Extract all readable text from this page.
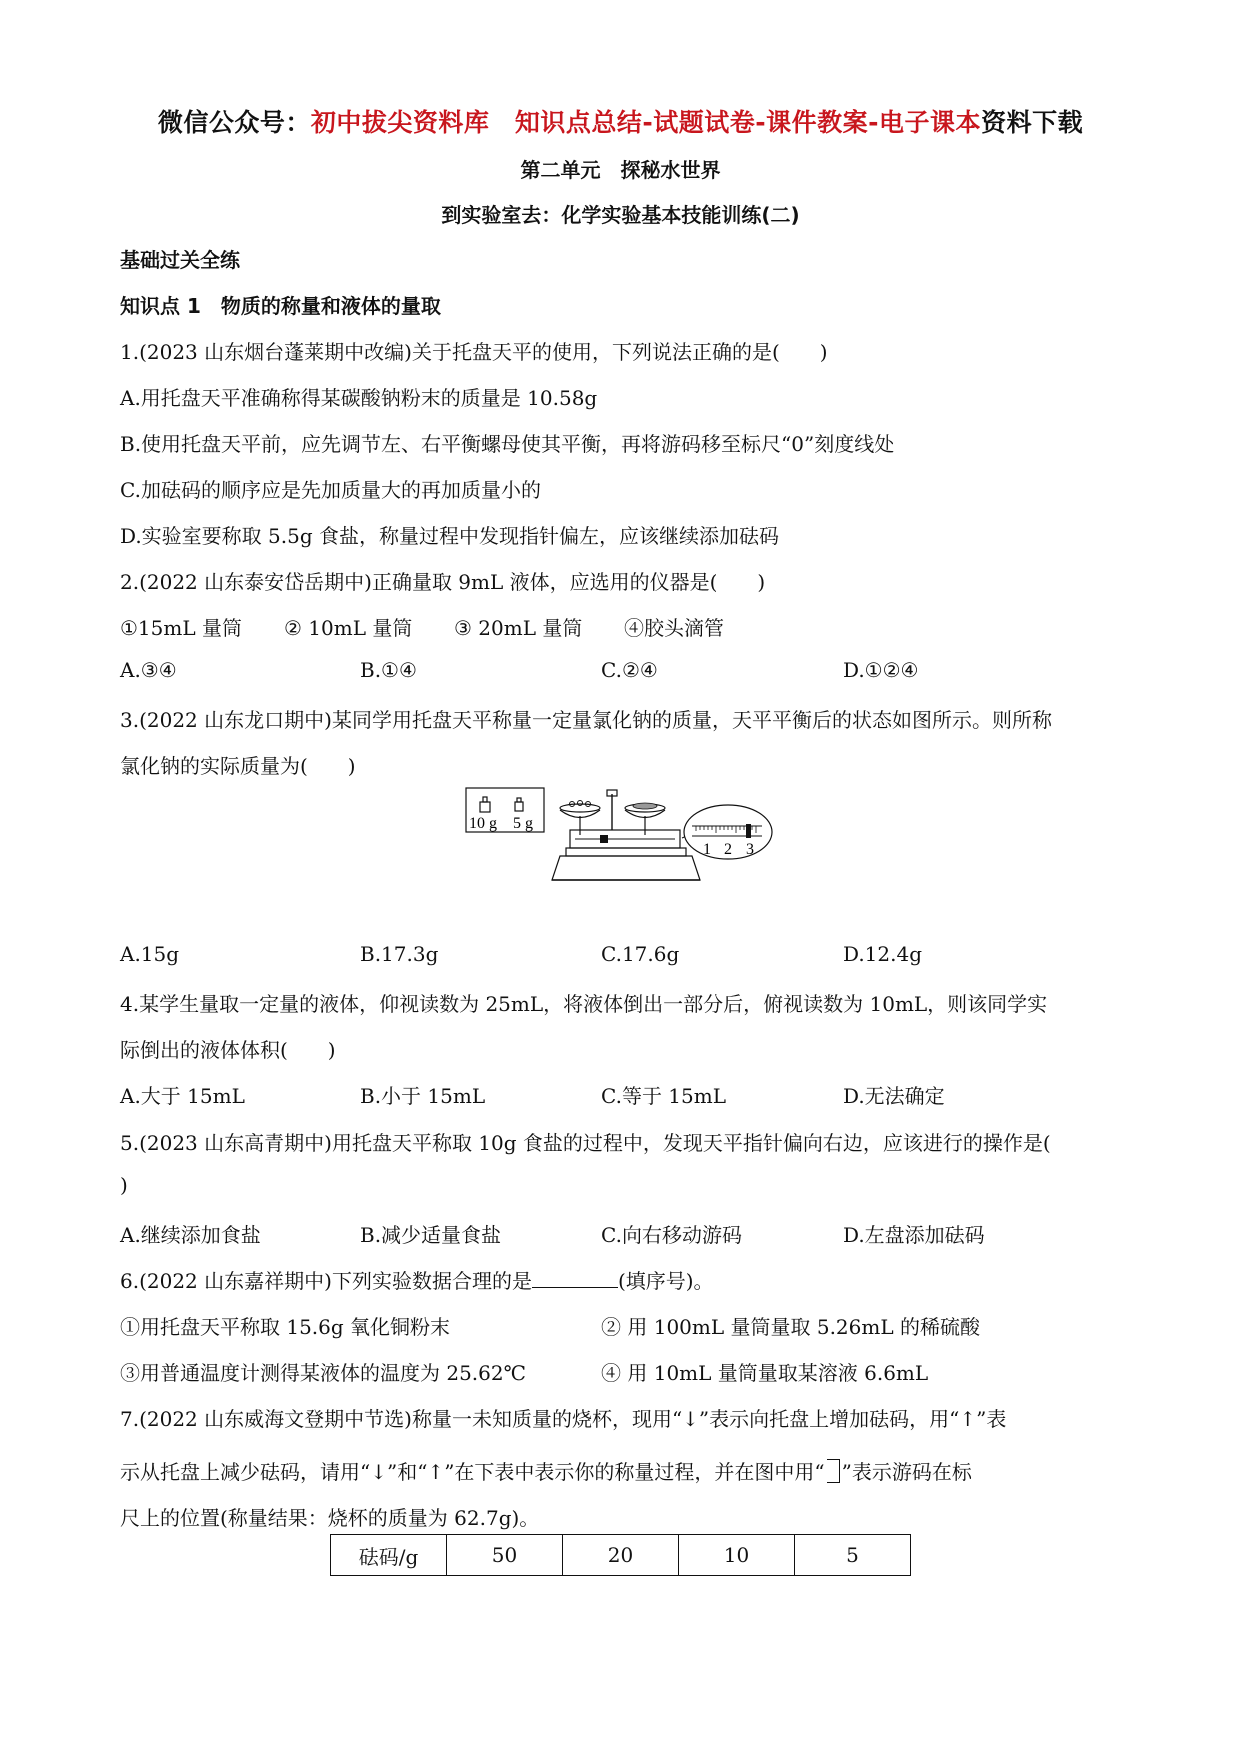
微信公众号：初中拔尖资料库　知识点总结-试题试卷-课件教案-电子课本资料下载
第二单元　探秘水世界
到实验室去：化学实验基本技能训练(二)
基础过关全练
知识点 1　物质的称量和液体的量取
1.(2023 山东烟台蓬莱期中改编)关于托盘天平的使用，下列说法正确的是(　　)
A.用托盘天平准确称得某碳酸钠粉末的质量是 10.58g
B.使用托盘天平前，应先调节左、右平衡螺母使其平衡，再将游码移至标尺“0”刻度线处
C.加砝码的顺序应是先加质量大的再加质量小的
D.实验室要称取 5.5g 食盐，称量过程中发现指针偏左，应该继续添加砝码
2.(2022 山东泰安岱岳期中)正确量取 9mL 液体，应选用的仪器是(　　)
①15mL 量筒 ② 10mL 量筒 ③ 20mL 量筒 ④胶头滴管
A.③④	B.①④	C.②④	D.①②④
3.(2022 山东龙口期中)某同学用托盘天平称量一定量氯化钠的质量，天平平衡后的状态如图所示。则所称
氯化钠的实际质量为(　　)
10 g 5 g
1 2 3
A.15g	B.17.3g	C.17.6g	D.12.4g
4.某学生量取一定量的液体，仰视读数为 25mL，将液体倒出一部分后，俯视读数为 10mL，则该同学实
际倒出的液体体积(　　)
A.大于 15mL	B.小于 15mL	C.等于 15mL	D.无法确定
5.(2023 山东高青期中)用托盘天平称取 10g 食盐的过程中，发现天平指针偏向右边，应该进行的操作是(
)
A.继续添加食盐	B.减少适量食盐	C.向右移动游码	D.左盘添加砝码
6.(2022 山东嘉祥期中)下列实验数据合理的是	(填序号)。
①用托盘天平称取 15.6g 氧化铜粉末	② 用 100mL 量筒量取 5.26mL 的稀硫酸
③用普通温度计测得某液体的温度为 25.62℃	④ 用 10mL 量筒量取某溶液 6.6mL
7.(2022 山东威海文登期中节选)称量一未知质量的烧杯，现用“↓”表示向托盘上增加砝码，用“↑”表
示从托盘上减少砝码，请用“↓”和“↑”在下表中表示你的称量过程，并在图中用“ ”表示游码在标
尺上的位置(称量结果：烧杯的质量为 62.7g)。
砝码/g	50	20	10	5
